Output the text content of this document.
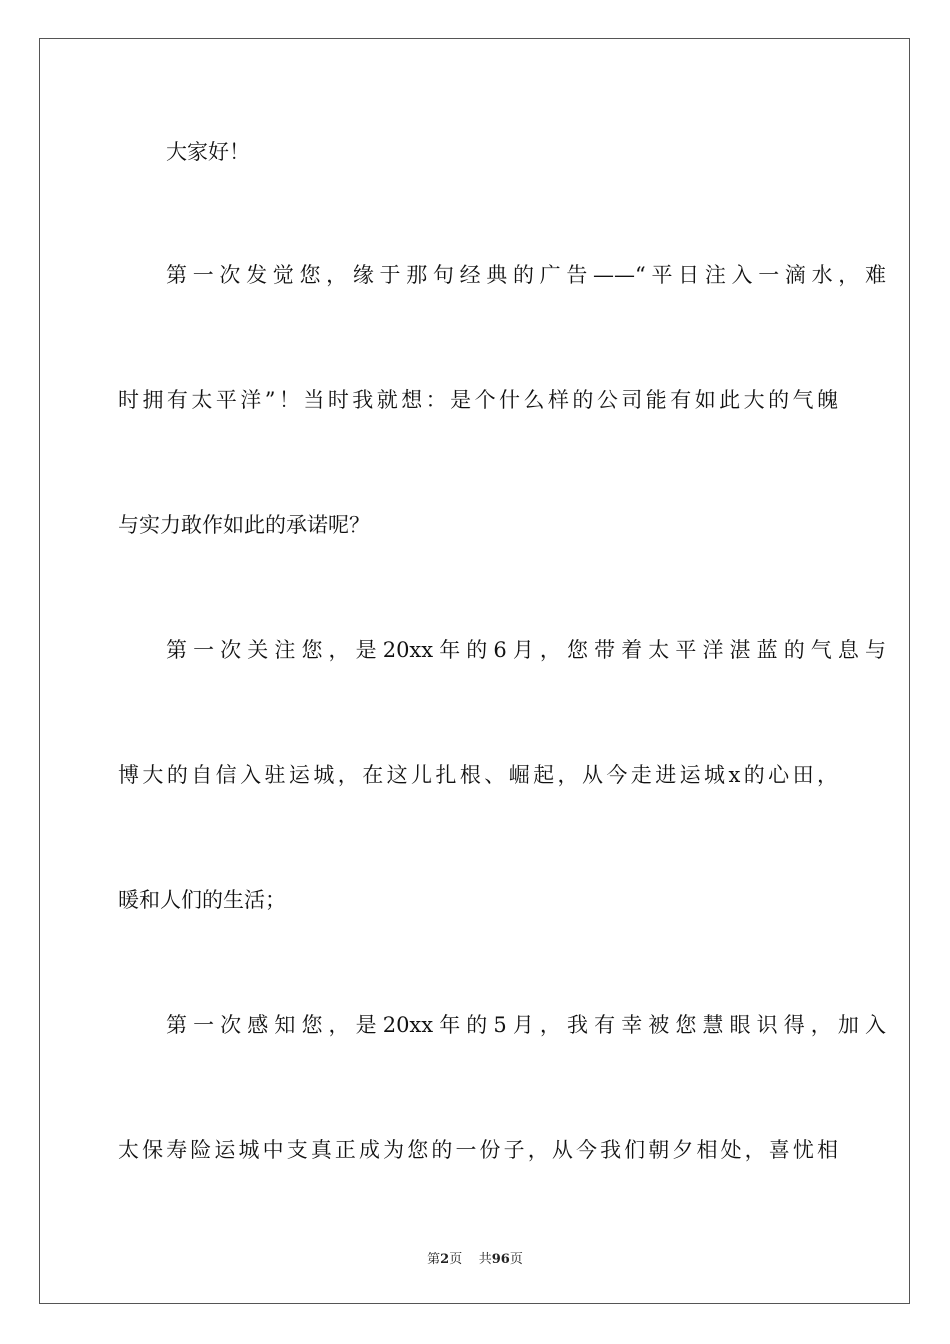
大家好！

第一次发觉您，缘于那句经典的广告——“平日注入一滴水，难

时拥有太平洋”！当时我就想：是个什么样的公司能有如此大的气魄

与实力敢作如此的承诺呢？

第一次关注您，是20xx年的6月，您带着太平洋湛蓝的气息与

博大的自信入驻运城，在这儿扎根、崛起，从今走进运城x的心田，

暖和人们的生活；

第一次感知您，是20xx年的5月，我有幸被您慧眼识得，加入

太保寿险运城中支真正成为您的一份子，从今我们朝夕相处，喜忧相

第2页 共96页
